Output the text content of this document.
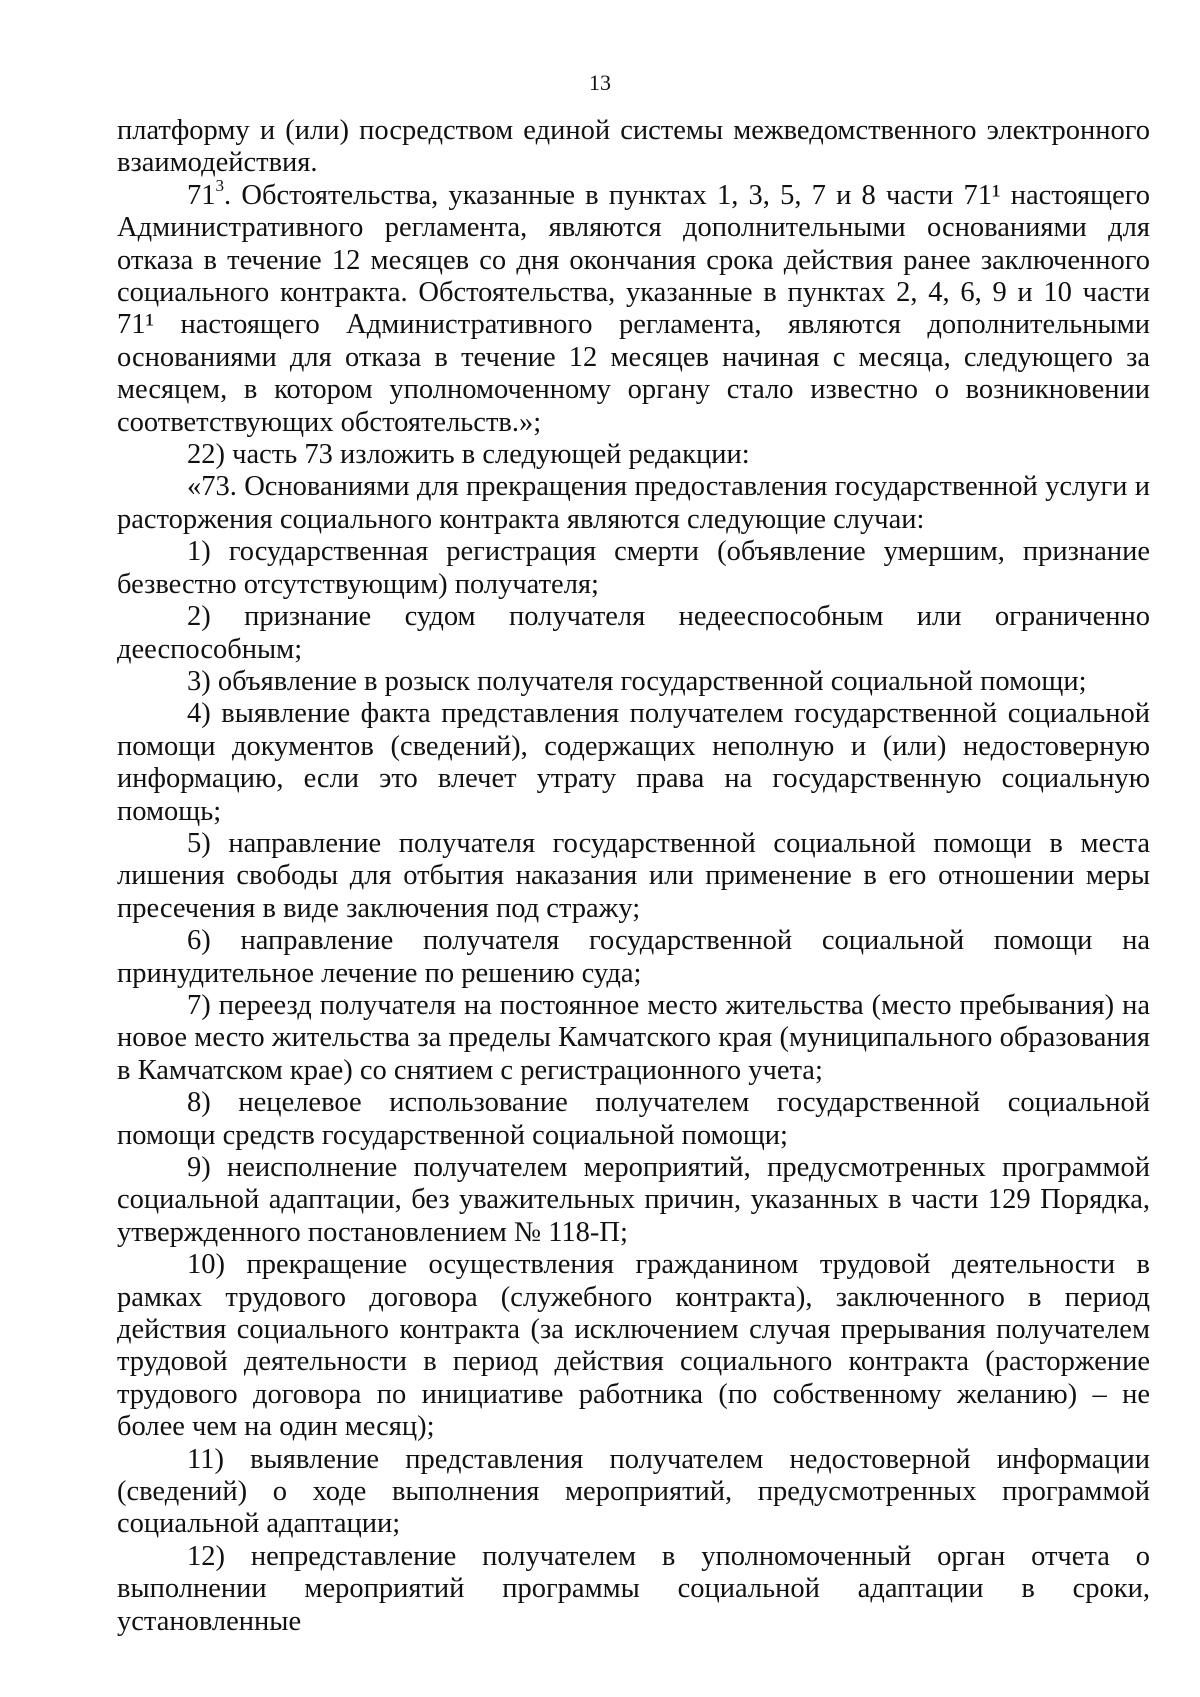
13

платформу и (или) посредством единой системы межведомственного электронного взаимодействия.

$71^3$. Обстоятельства, указанные в пунктах 1, 3, 5, 7 и 8 части 71¹ настоящего Административного регламента, являются дополнительными основаниями для отказа в течение 12 месяцев со дня окончания срока действия ранее заключенного социального контракта. Обстоятельства, указанные в пунктах 2, 4, 6, 9 и 10 части 71¹ настоящего Административного регламента, являются дополнительными основаниями для отказа в течение 12 месяцев начиная с месяца, следующего за месяцем, в котором уполномоченному органу стало известно о возникновении соответствующих обстоятельств.»;

22) часть 73 изложить в следующей редакции:

«73. Основаниями для прекращения предоставления государственной услуги и расторжения социального контракта являются следующие случаи:

1) государственная регистрация смерти (объявление умершим, признание безвестно отсутствующим) получателя;

2) признание судом получателя недееспособным или ограниченно дееспособным;

3) объявление в розыск получателя государственной социальной помощи;

4) выявление факта представления получателем государственной социальной помощи документов (сведений), содержащих неполную и (или) недостоверную информацию, если это влечет утрату права на государственную социальную помощь;

5) направление получателя государственной социальной помощи в места лишения свободы для отбытия наказания или применение в его отношении меры пресечения в виде заключения под стражу;

6) направление получателя государственной социальной помощи на принудительное лечение по решению суда;

7) переезд получателя на постоянное место жительства (место пребывания) на новое место жительства за пределы Камчатского края (муниципального образования в Камчатском крае) со снятием с регистрационного учета;

8) нецелевое использование получателем государственной социальной помощи средств государственной социальной помощи;

9) неисполнение получателем мероприятий, предусмотренных программой социальной адаптации, без уважительных причин, указанных в части 129 Порядка, утвержденного постановлением № 118-П;

10) прекращение осуществления гражданином трудовой деятельности в рамках трудового договора (служебного контракта), заключенного в период действия социального контракта (за исключением случая прерывания получателем трудовой деятельности в период действия социального контракта (расторжение трудового договора по инициативе работника (по собственному желанию) – не более чем на один месяц);

11) выявление представления получателем недостоверной информации (сведений) о ходе выполнения мероприятий, предусмотренных программой социальной адаптации;

12) непредставление получателем в уполномоченный орган отчета о выполнении мероприятий программы социальной адаптации в сроки, установленные
